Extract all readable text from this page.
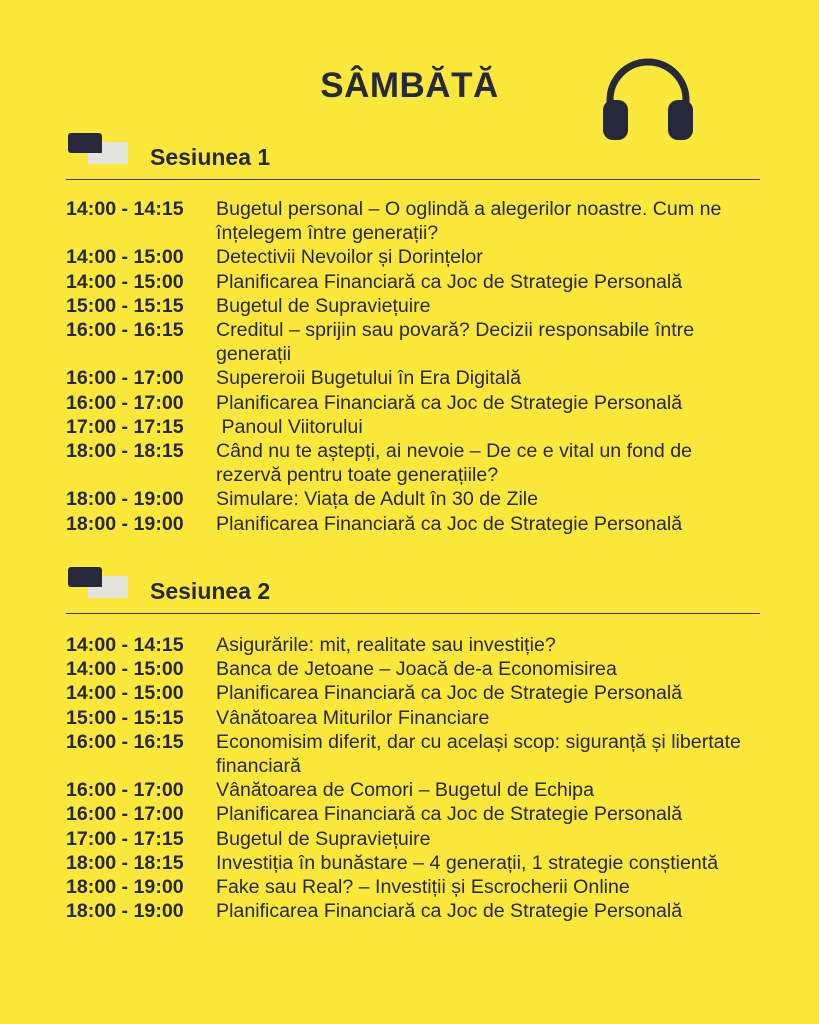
SÂMBĂTĂ
Sesiunea 1
14:00 - 14:15	Bugetul personal – O oglindă a alegerilor noastre. Cum ne înțelegem între generații?
14:00 - 15:00	Detectivii Nevoilor și Dorințelor
14:00 - 15:00	Planificarea Financiară ca Joc de Strategie Personală
15:00 - 15:15	Bugetul de Supraviețuire
16:00 - 16:15	Creditul – sprijin sau povară? Decizii responsabile între generații
16:00 - 17:00	Supereroii Bugetului în Era Digitală
16:00 - 17:00	Planificarea Financiară ca Joc de Strategie Personală
17:00 - 17:15	Panoul Viitorului
18:00 - 18:15	Când nu te aștepți, ai nevoie – De ce e vital un fond de rezervă pentru toate generațiile?
18:00 - 19:00	Simulare: Viața de Adult în 30 de Zile
18:00 - 19:00	Planificarea Financiară ca Joc de Strategie Personală
Sesiunea 2
14:00 - 14:15	Asigurările: mit, realitate sau investiție?
14:00 - 15:00	Banca de Jetoane – Joacă de-a Economisirea
14:00 - 15:00	Planificarea Financiară ca Joc de Strategie Personală
15:00 - 15:15	Vânătoarea Miturilor Financiare
16:00 - 16:15	Economisim diferit, dar cu același scop: siguranță și libertate financiară
16:00 - 17:00	Vânătoarea de Comori – Bugetul de Echipa
16:00 - 17:00	Planificarea Financiară ca Joc de Strategie Personală
17:00 - 17:15	Bugetul de Supraviețuire
18:00 - 18:15	Investiția în bunăstare – 4 generații, 1 strategie conștientă
18:00 - 19:00	Fake sau Real? – Investiții și Escrocherii Online
18:00 - 19:00	Planificarea Financiară ca Joc de Strategie Personală
